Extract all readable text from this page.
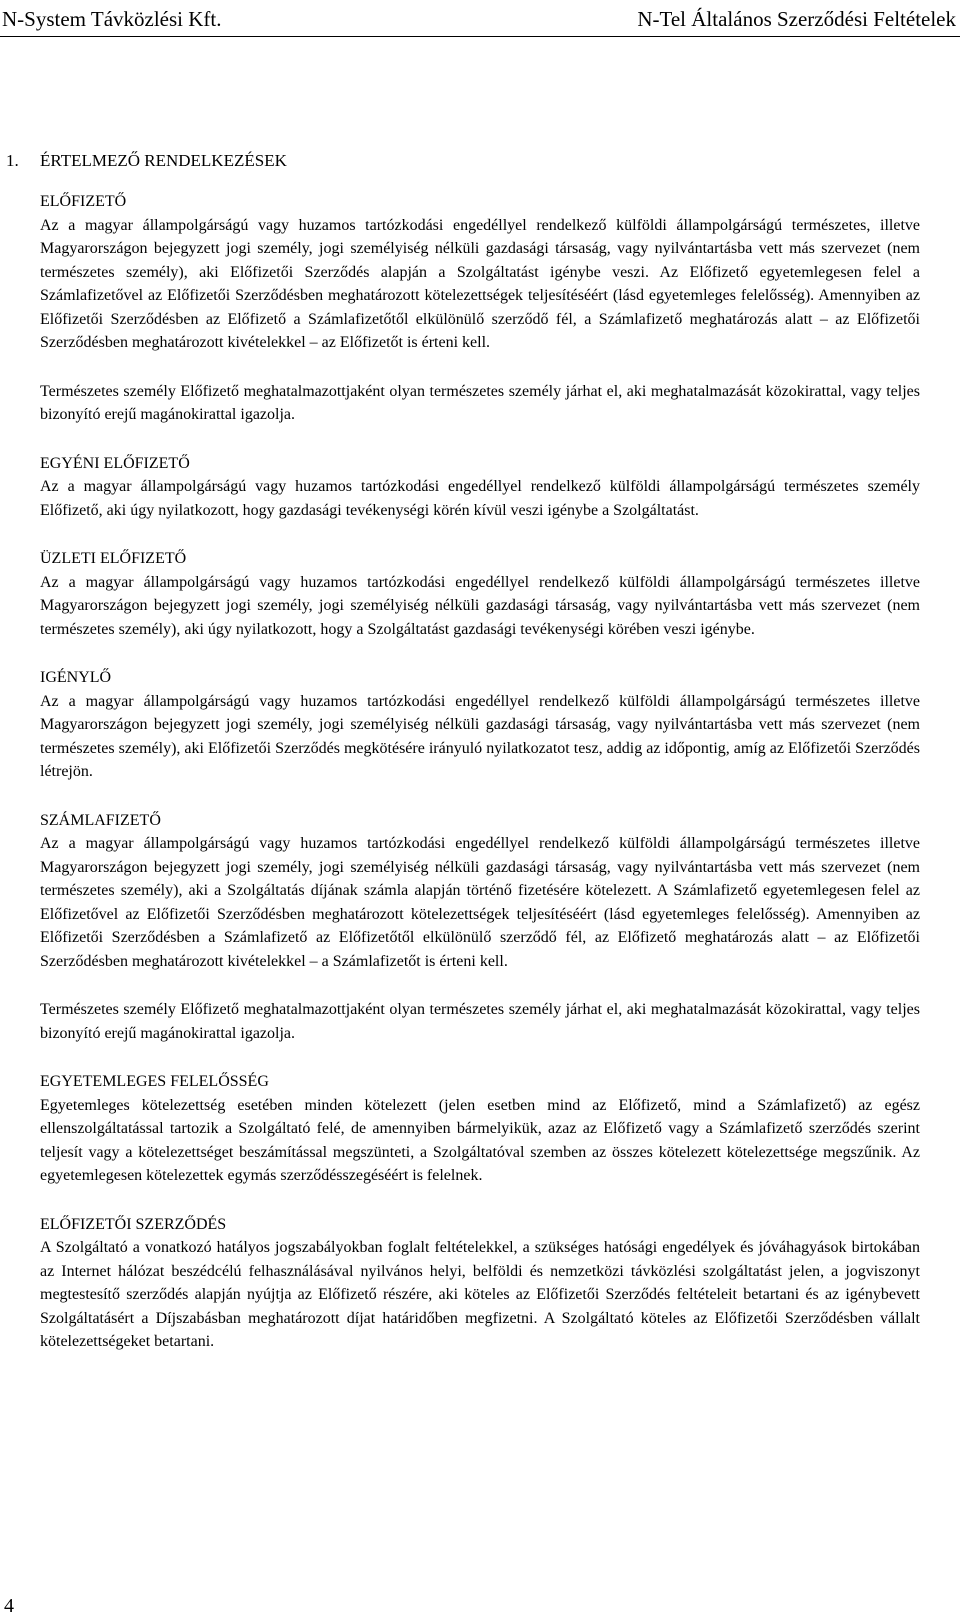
N-System Távközlési Kft.	N-Tel Általános Szerződési Feltételek
1. ÉRTELMEZŐ RENDELKEZÉSEK

ELŐFIZETŐ

Az a magyar állampolgárságú vagy huzamos tartózkodási engedéllyel rendelkező külföldi állampolgárságú természetes, illetve Magyarországon bejegyzett jogi személy, jogi személyiség nélküli gazdasági társaság, vagy nyilvántartásba vett más szervezet (nem természetes személy), aki Előfizetői Szerződés alapján a Szolgáltatást igénybe veszi. Az Előfizető egyetemlegesen felel a Számlafizetővel az Előfizetői Szerződésben meghatározott kötelezettségek teljesítéséért (lásd egyetemleges felelősség). Amennyiben az Előfizetői Szerződésben az Előfizető a Számlafizetőtől elkülönülő szerződő fél, a Számlafizető meghatározás alatt – az Előfizetői Szerződésben meghatározott kivételekkel – az Előfizetőt is érteni kell.

Természetes személy Előfizető meghatalmazottjaként olyan természetes személy járhat el, aki meghatalmazását közokirattal, vagy teljes bizonyító erejű magánokirattal igazolja.

EGYÉNI ELŐFIZETŐ

Az a magyar állampolgárságú vagy huzamos tartózkodási engedéllyel rendelkező külföldi állampolgárságú természetes személy Előfizető, aki úgy nyilatkozott, hogy gazdasági tevékenységi körén kívül veszi igénybe a Szolgáltatást.

ÜZLETI ELŐFIZETŐ

Az a magyar állampolgárságú vagy huzamos tartózkodási engedéllyel rendelkező külföldi állampolgárságú természetes illetve Magyarországon bejegyzett jogi személy, jogi személyiség nélküli gazdasági társaság, vagy nyilvántartásba vett más szervezet (nem természetes személy), aki úgy nyilatkozott, hogy a Szolgáltatást gazdasági tevékenységi körében veszi igénybe.

IGÉNYLŐ

Az a magyar állampolgárságú vagy huzamos tartózkodási engedéllyel rendelkező külföldi állampolgárságú természetes illetve Magyarországon bejegyzett jogi személy, jogi személyiség nélküli gazdasági társaság, vagy nyilvántartásba vett más szervezet (nem természetes személy), aki Előfizetői Szerződés megkötésére irányuló nyilatkozatot tesz, addig az időpontig, amíg az Előfizetői Szerződés létrejön.

SZÁMLAFIZETŐ

Az a magyar állampolgárságú vagy huzamos tartózkodási engedéllyel rendelkező külföldi állampolgárságú természetes illetve Magyarországon bejegyzett jogi személy, jogi személyiség nélküli gazdasági társaság, vagy nyilvántartásba vett más szervezet (nem természetes személy), aki a Szolgáltatás díjának számla alapján történő fizetésére kötelezett. A Számlafizető egyetemlegesen felel az Előfizetővel az Előfizetői Szerződésben meghatározott kötelezettségek teljesítéséért (lásd egyetemleges felelősség). Amennyiben az Előfizetői Szerződésben a Számlafizető az Előfizetőtől elkülönülő szerződő fél, az Előfizető meghatározás alatt – az Előfizetői Szerződésben meghatározott kivételekkel – a Számlafizetőt is érteni kell.

Természetes személy Előfizető meghatalmazottjaként olyan természetes személy járhat el, aki meghatalmazását közokirattal, vagy teljes bizonyító erejű magánokirattal igazolja.

EGYETEMLEGES FELELŐSSÉG

Egyetemleges kötelezettség esetében minden kötelezett (jelen esetben mind az Előfizető, mind a Számlafizető) az egész ellenszolgáltatással tartozik a Szolgáltató felé, de amennyiben bármelyikük, azaz az Előfizető vagy a Számlafizető szerződés szerint teljesít vagy a kötelezettséget beszámítással megszünteti, a Szolgáltatóval szemben az összes kötelezett kötelezettsége megszűnik. Az egyetemlegesen kötelezettek egymás szerződésszegéséért is felelnek.

ELŐFIZETŐI SZERZŐDÉS

A Szolgáltató a vonatkozó hatályos jogszabályokban foglalt feltételekkel, a szükséges hatósági engedélyek és jóváhagyások birtokában az Internet hálózat beszédcélú felhasználásával nyilvános helyi, belföldi és nemzetközi távközlési szolgáltatást jelen, a jogviszonyt megtestesítő szerződés alapján nyújtja az Előfizető részére, aki köteles az Előfizetői Szerződés feltételeit betartani és az igénybevett Szolgáltatásért a Díjszabásban meghatározott díjat határidőben megfizetni. A Szolgáltató köteles az Előfizetői Szerződésben vállalt kötelezettségeket betartani.

4
